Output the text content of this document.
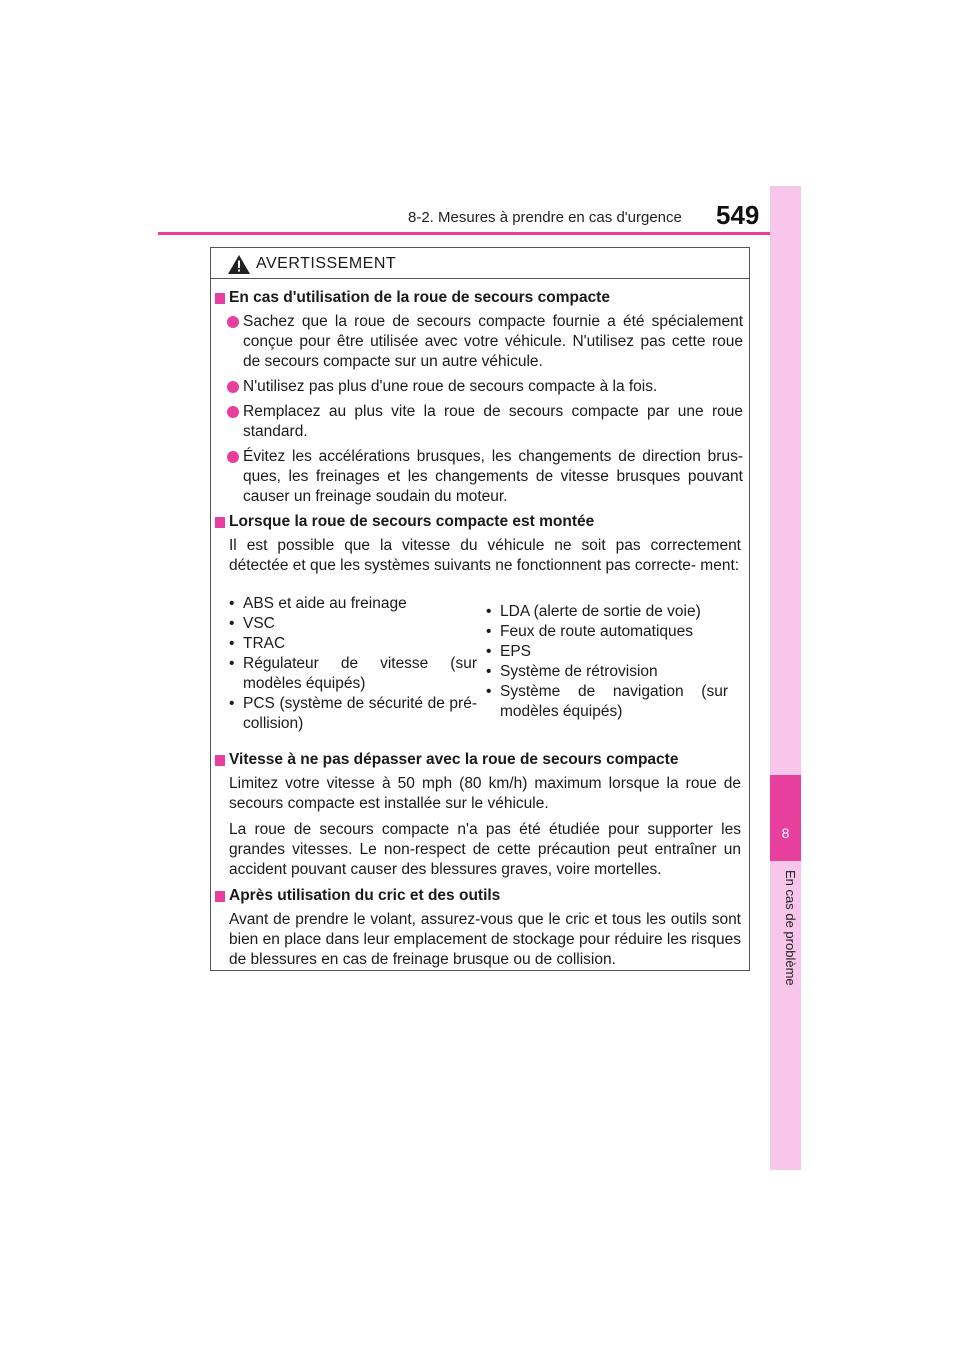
549
8-2. Mesures à prendre en cas d'urgence
8
En cas de problème
AVERTISSEMENT
En cas d'utilisation de la roue de secours compacte
Sachez que la roue de secours compacte fournie a été spécialement conçue pour être utilisée avec votre véhicule. N'utilisez pas cette roue de secours compacte sur un autre véhicule.
N'utilisez pas plus d'une roue de secours compacte à la fois.
Remplacez au plus vite la roue de secours compacte par une roue standard.
Évitez les accélérations brusques, les changements de direction brus- ques, les freinages et les changements de vitesse brusques pouvant causer un freinage soudain du moteur.
Lorsque la roue de secours compacte est montée
Il est possible que la vitesse du véhicule ne soit pas correctement détectée et que les systèmes suivants ne fonctionnent pas correcte- ment:
• ABS et aide au freinage
• VSC
• TRAC
• Régulateur de vitesse (sur modèles équipés)
• PCS (système de sécurité de pré-collision)
• LDA (alerte de sortie de voie)
• Feux de route automatiques
• EPS
• Système de rétrovision
• Système de navigation (sur modèles équipés)
Vitesse à ne pas dépasser avec la roue de secours compacte
Limitez votre vitesse à 50 mph (80 km/h) maximum lorsque la roue de secours compacte est installée sur le véhicule.
La roue de secours compacte n'a pas été étudiée pour supporter les grandes vitesses. Le non-respect de cette précaution peut entraîner un accident pouvant causer des blessures graves, voire mortelles.
Après utilisation du cric et des outils
Avant de prendre le volant, assurez-vous que le cric et tous les outils sont bien en place dans leur emplacement de stockage pour réduire les risques de blessures en cas de freinage brusque ou de collision.
